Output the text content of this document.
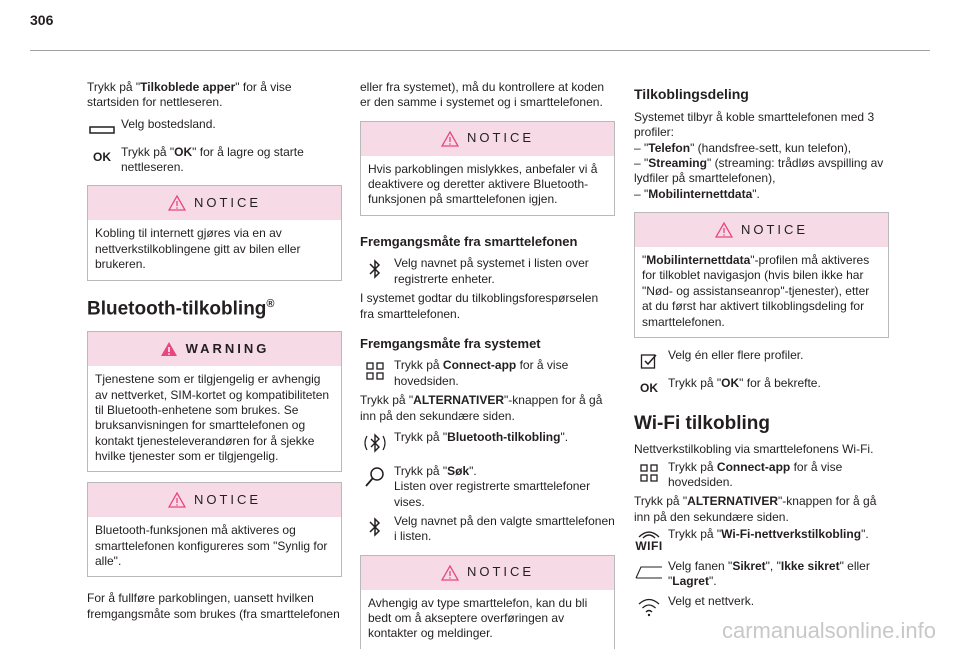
306

Trykk på "Tilkoblede apper" for å vise startsiden for nettleseren.

Velg bostedsland.
OK Trykk på "OK" for å lagre og starte nettleseren.
NOTICE
Kobling til internett gjøres via en av nettverkstilkoblingene gitt av bilen eller brukeren.
Bluetooth-tilkobling®
WARNING
Tjenestene som er tilgjengelig er avhengig av nettverket, SIM-kortet og kompatibiliteten til Bluetooth-enhetene som brukes. Se bruksanvisningen for smarttelefonen og kontakt tjenesteleverandøren for å sjekke hvilke tjenester som er tilgjengelig.
NOTICE
Bluetooth-funksjonen må aktiveres og smarttelefonen konfigureres som "Synlig for alle".

For å fullføre parkoblingen, uansett hvilken fremgangsmåte som brukes (fra smarttelefonen

eller fra systemet), må du kontrollere at koden er den samme i systemet og i smarttelefonen.

NOTICE
Hvis parkoblingen mislykkes, anbefaler vi å deaktivere og deretter aktivere Bluetooth-funksjonen på smarttelefonen igjen.
Fremgangsmåte fra smarttelefonen
Velg navnet på systemet i listen over registrerte enheter.

I systemet godtar du tilkoblingsforespørselen fra smarttelefonen.

Fremgangsmåte fra systemet
Trykk på Connect-app for å vise hovedsiden.

Trykk på "ALTERNATIVER"-knappen for å gå inn på den sekundære siden.

Trykk på "Bluetooth-tilkobling".
Trykk på "Søk".
Listen over registrerte smarttelefoner vises.
Velg navnet på den valgte smarttelefonen i listen.
NOTICE
Avhengig av type smarttelefon, kan du bli bedt om å akseptere overføringen av kontakter og meldinger.
Tilkoblingsdeling

Systemet tilbyr å koble smarttelefonen med 3 profiler:

– "Telefon" (handsfree-sett, kun telefon),

– "Streaming" (streaming: trådløs avspilling av lydfiler på smarttelefonen),

– "Mobilinternettdata".

NOTICE
"Mobilinternettdata"-profilen må aktiveres for tilkoblet navigasjon (hvis bilen ikke har "Nød- og assistanseanrop"-tjenester), etter at du først har aktivert tilkoblingsdeling for smarttelefonen.
Velg én eller flere profiler.
OK Trykk på "OK" for å bekrefte.
Wi-Fi tilkobling

Nettverkstilkobling via smarttelefonens Wi-Fi.

Trykk på Connect-app for å vise hovedsiden.

Trykk på "ALTERNATIVER"-knappen for å gå inn på den sekundære siden.

WIFI
Trykk på "Wi-Fi-nettverkstilkobling".
Velg fanen "Sikret", "Ikke sikret" eller "Lagret".
Velg et nettverk.
carmanualsonline.info
